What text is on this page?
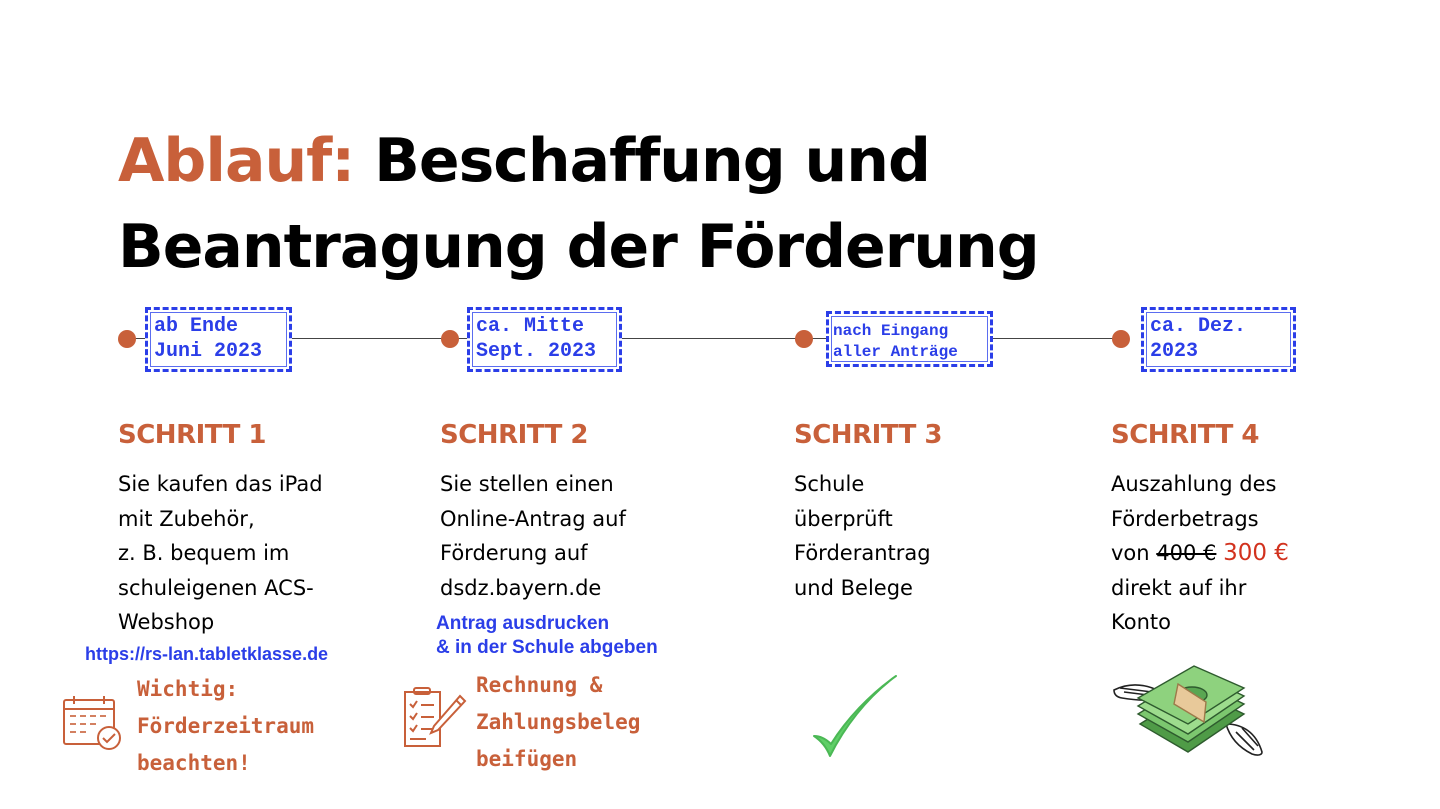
Ablauf: Beschaffung und
Beantragung der Förderung
ab Ende
Juni 2023
ca. Mitte
Sept. 2023
nach Eingang
aller Anträge
ca. Dez.
2023
SCHRITT 1	SCHRITT 2	SCHRITT 3	SCHRITT 4
Sie kaufen das iPad
mit Zubehör,
z. B. bequem im
schuleigenen ACS-
Webshop
Sie stellen einen
Online-Antrag auf
Förderung auf
dsdz.bayern.de
Schule
überprüft
Förderantrag
und Belege
Auszahlung des
Förderbetrags
von 400 € 300 €
direkt auf ihr
Konto
https://rs-lan.tabletklasse.de
Antrag ausdrucken
& in der Schule abgeben
Wichtig:
Förderzeitraum
beachten!
Rechnung &
Zahlungsbeleg
beifügen
